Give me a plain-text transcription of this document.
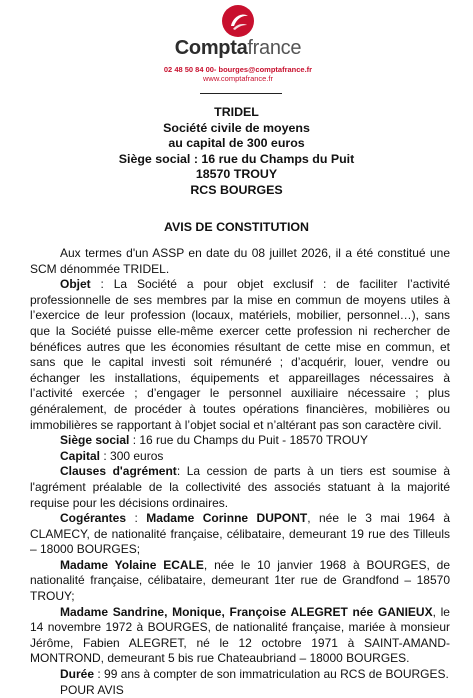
Comptafrance
02 48 50 84 00- bourges@comptafrance.fr
www.comptafrance.fr
TRIDEL
Société civile de moyens
au capital de 300 euros
Siège social : 16 rue du Champs du Puit
18570 TROUY
RCS BOURGES
AVIS DE CONSTITUTION

Aux termes d'un ASSP en date du 08 juillet 2026, il a été constitué une SCM dénommée TRIDEL.

Objet : La Société a pour objet exclusif : de faciliter l’activité professionnelle de ses membres par la mise en commun de moyens utiles à l’exercice de leur profession (locaux, matériels, mobilier, personnel…), sans que la Société puisse elle-même exercer cette profession ni rechercher de bénéfices autres que les économies résultant de cette mise en commun, et sans que le capital investi soit rémunéré ; d’acquérir, louer, vendre ou échanger les installations, équipements et appareillages nécessaires à l’activité exercée ; d’engager le personnel auxiliaire nécessaire ; plus généralement, de procéder à toutes opérations financières, mobilières ou immobilières se rapportant à l’objet social et n’altérant pas son caractère civil.

Siège social : 16 rue du Champs du Puit - 18570 TROUY

Capital : 300 euros

Clauses d'agrément: La cession de parts à un tiers est soumise à l'agrément préalable de la collectivité des associés statuant à la majorité requise pour les décisions ordinaires.

Cogérantes : Madame Corinne DUPONT, née le 3 mai 1964 à CLAMECY, de nationalité française, célibataire, demeurant 19 rue des Tilleuls – 18000 BOURGES;

Madame Yolaine ECALE, née le 10 janvier 1968 à BOURGES, de nationalité française, célibataire, demeurant 1ter rue de Grandfond – 18570 TROUY;

Madame Sandrine, Monique, Françoise ALEGRET née GANIEUX, le 14 novembre 1972 à BOURGES, de nationalité française, mariée à monsieur Jérôme, Fabien ALEGRET, né le 12 octobre 1971 à SAINT-AMAND-MONTROND, demeurant 5 bis rue Chateaubriand – 18000 BOURGES.

Durée : 99 ans à compter de son immatriculation au RCS de BOURGES.

POUR AVIS
